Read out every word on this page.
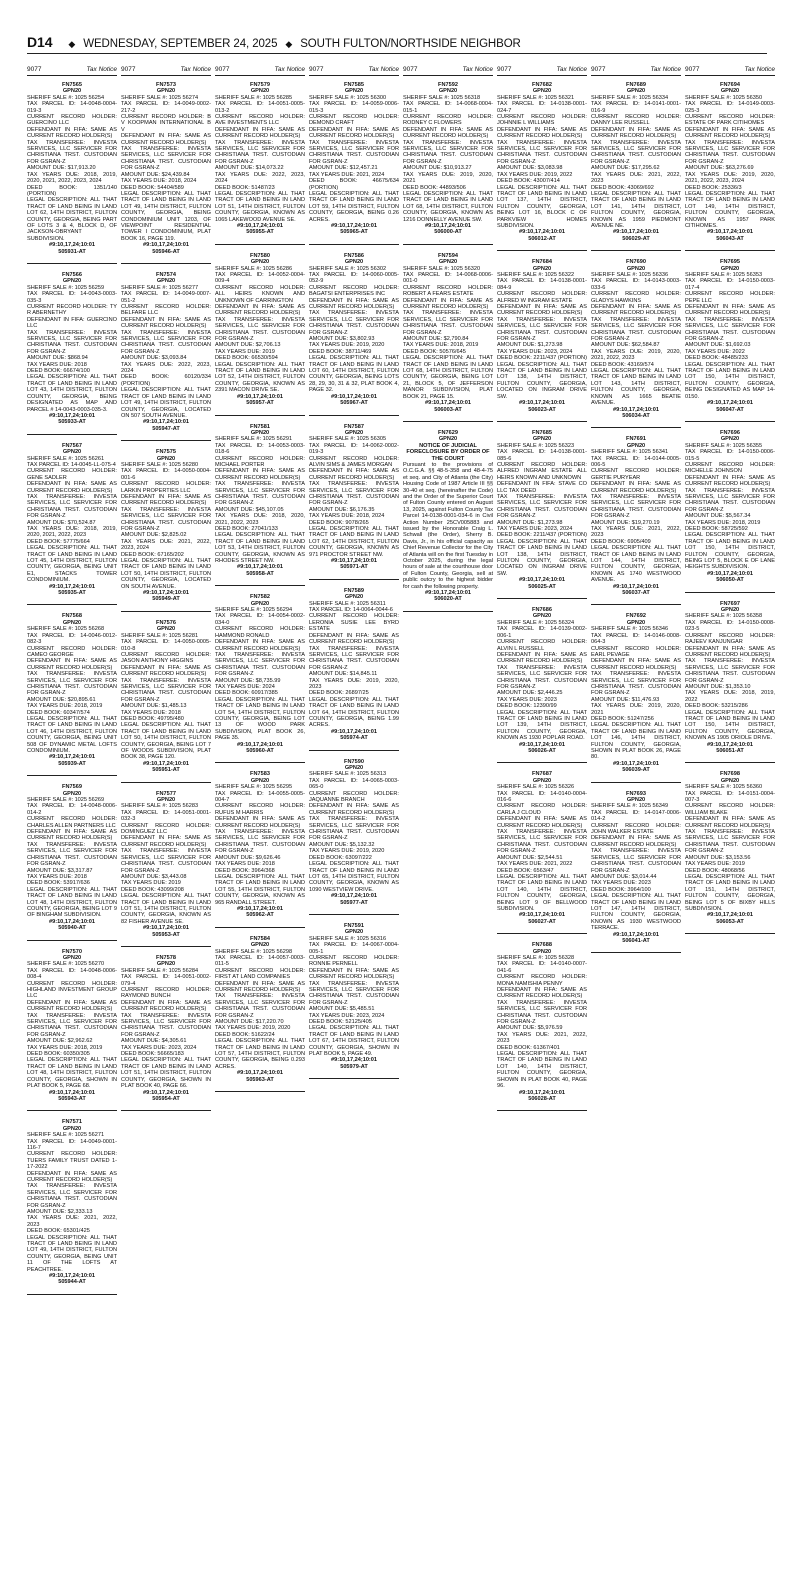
D14 ◆ WEDNESDAY, SEPTEMBER 24, 2025 ◆ SOUTH FULTON/NORTHSIDE NEIGHBOR
9077	Tax Notice

FN7565

GPN20

SHERIFF SALE #: 1025 56254

TAX PARCEL ID: 14-0048-0004-019-3

CURRENT RECORD HOLDER: GUERCINO LLC

DEFENDANT IN FIFA: SAME AS CURRENT RECORD HOLDER(S)

TAX TRANSFEREE: INVESTA SERVICES, LLC SERVICER FOR CHRISTIANA TRST. CUSTODIAN FOR GSRAN-Z

AMOUNT DUE: $17,913.20

TAX YEARS DUE: 2018, 2019, 2020, 2021, 2022, 2023, 2024

DEED BOOK: 1351/140 (PORTION)

LEGAL DESCRIPTION: ALL THAT TRACT OF LAND BEING IN LAND LOT 62, 14TH DISTRICT, FULTON COUNTY, GEORGIA, BEING PART OF LOTS 3 & 4, BLOCK D, OF JACKSON-OBRYANT SUBDIVISION.

#9:10,17,24;10:01

505931-AT

FN7566

GPN20

SHERIFF SALE #: 1025 56259

TAX PARCEL ID: 14-0043-0003-035-3

CURRENT RECORD HOLDER: TY R ABERNETHY

DEFENDANT IN FIFA: GUERCINO LLC

TAX TRANSFEREE: INVESTA SERVICES, LLC SERVICER FOR CHRISTIANA TRST. CUSTODIAN FOR GSRAN-Z

AMOUNT DUE: $868.94

TAX YEARS DUE: 2018

DEED BOOK: 66674/100

LEGAL DESCRIPTION: ALL THAT TRACT OF LAND BEING IN LAND LOT 43, 14TH DISTRICT, FULTON COUNTY, GEORGIA, BEING DESIGNATED AS MAP AND PARCEL # 14-0043-0003-035-3.

#9:10,17,24;10:01

505933-AT

FN7567

GPN20

SHERIFF SALE #: 1025 56261

TAX PARCEL ID: 14-0045-LL-075-4

CURRENT RECORD HOLDER: GENE SADLER

DEFENDANT IN FIFA: SAME AS CURRENT RECORD HOLDER(S)

TAX TRANSFEREE: INVESTA SERVICES, LLC SERVICER FOR CHRISTIANA TRST. CUSTODIAN FOR GSRAN-Z

AMOUNT DUE: $70,524.87

TAX YEARS DUE: 2018, 2019, 2020, 2021, 2022, 2023

DEED BOOK: 57775/664

LEGAL DESCRIPTION: ALL THAT TRACT OF LAND BEING IN LAND LOT 45, 14TH DISTRICT, FULTON COUNTY, GEORGIA, BEING UNIT E1, STACKS TOWER CONDOMINIUM.

#9:10,17,24;10:01

505935-AT

FN7568

GPN20

SHERIFF SALE #: 1025 56268

TAX PARCEL ID: 14-0046-0012-082-3

CURRENT RECORD HOLDER: CAMEO GEORGE

DEFENDANT IN FIFA: SAME AS CURRENT RECORD HOLDER(S)

TAX TRANSFEREE: INVESTA SERVICES, LLC SERVICER FOR CHRISTIANA TRST. CUSTODIAN FOR GSRAN-Z

AMOUNT DUE: $20,895.61

TAX YEARS DUE: 2018, 2019

DEED BOOK: 60347/574

LEGAL DESCRIPTION: ALL THAT TRACT OF LAND BEING IN LAND LOT 46, 14TH DISTRICT, FULTON COUNTY, GEORGIA, BEING UNIT 508 OF DYNAMIC METAL LOFTS CONDOMINIUM.

#9:10,17,24;10:01

505939-AT

FN7569

GPN20

SHERIFF SALE #: 1025 56269

TAX PARCEL ID: 14-0048-0006-014-2

CURRENT RECORD HOLDER: CHARLES ALLEN PARTNERS LLC

DEFENDANT IN FIFA: SAME AS CURRENT RECORD HOLDER(S)

TAX TRANSFEREE: INVESTA SERVICES, LLC SERVICER FOR CHRISTIANA TRST. CUSTODIAN FOR GSRAN-Z

AMOUNT DUE: $3,317.87

TAX YEARS DUE: 2018

DEED BOOK: 53917/636

LEGAL DESCRIPTION: ALL THAT TRACT OF LAND BEING IN LAND LOT 48, 14TH DISTRICT, FULTON COUNTY, GEORGIA, BEING LOT 9 OF BINGHAM SUBDIVISION.

#9:10,17,24;10:01

505940-AT

FN7570

GPN20

SHERIFF SALE #: 1025 56270

TAX PARCEL ID: 14-0048-0006-008-4

CURRENT RECORD HOLDER: HIGHLAND INVESTMENT GROUP LLC

DEFENDANT IN FIFA: SAME AS CURRENT RECORD HOLDER(S)

TAX TRANSFEREE: INVESTA SERVICES, LLC SERVICER FOR CHRISTIANA TRST. CUSTODIAN FOR GSRAN-Z

AMOUNT DUE: $2,962.62

TAX YEARS DUE: 2018, 2019

DEED BOOK: 60350/305

LEGAL DESCRIPTION: ALL THAT TRACT OF LAND BEING IN LAND LOT 48, 14TH DISTRICT, FULTON COUNTY, GEORGIA, SHOWN IN PLAT BOOK 5, PAGE 68.

#9:10,17,24;10:01

505943-AT

FN7571

GPN20

SHERIFF SALE #: 1025 56271

TAX PARCEL ID: 14-0049-0001-116-7

CURRENT RECORD HOLDER: TUERS FAMILY TRUST DATED 1-17-2022

DEFENDANT IN FIFA: SAME AS CURRENT RECORD HOLDER(S)

TAX TRANSFEREE: INVESTA SERVICES, LLC SERVICER FOR CHRISTIANA TRST. CUSTODIAN FOR GSRAN-Z

AMOUNT DUE: $2,333.13

TAX YEARS DUE: 2021, 2022, 2023

DEED BOOK: 65301/425

LEGAL DESCRIPTION: ALL THAT TRACT OF LAND BEING IN LAND LOT 49, 14TH DISTRICT, FULTON COUNTY, GEORGIA, BEING UNIT 11 OF THE LOFTS AT PEACHTREE.

#9:10,17,24;10:01

505944-AT

9077	Tax Notice

FN7573

GPN20

SHERIFF SALE #: 1025 56274

TAX PARCEL ID: 14-0049-0002-217-2

CURRENT RECORD HOLDER: B V KOOPMAN INTERNATIONAL B V

DEFENDANT IN FIFA: SAME AS CURRENT RECORD HOLDER(S)

TAX TRANSFEREE: INVESTA SERVICES, LLC SERVICER FOR CHRISTIANA TRST. CUSTODIAN FOR GSRAN-Z

AMOUNT DUE: $24,439.84

TAX YEARS DUE: 2018, 2024

DEED BOOK: 54404/589

LEGAL DESCRIPTION: ALL THAT TRACT OF LAND BEING IN LAND LOT 49, 14TH DISTRICT, FULTON COUNTY, GEORGIA, BEING CONDOMINIUM UNIT 1203, OF VIEWPOINT RESIDENTIAL TOWER I CONDOMINIUM, PLAT BOOK 16, PAGE 119.

#9:10,17,24;10:01

505946-AT

FN7574

GPN20

SHERIFF SALE #: 1025 56277

TAX PARCEL ID: 14-0049-0007-051-2

CURRENT RECORD HOLDER: BELFARE LLC

DEFENDANT IN FIFA: SAME AS CURRENT RECORD HOLDER(S)

TAX TRANSFEREE: INVESTA SERVICES, LLC SERVICER FOR CHRISTIANA TRST. CUSTODIAN FOR GSRAN-Z

AMOUNT DUE: $3,093.84

TAX YEARS DUE: 2022, 2023, 2024

DEED BOOK: 60120/334 (PORTION)

LEGAL DESCRIPTION: ALL THAT TRACT OF LAND BEING IN LAND LOT 49, 14TH DISTRICT, FULTON COUNTY, GEORGIA, LOCATED ON 507 SOUTH AVENUE.

#9:10,17,24;10:01

505947-AT

FN7575

GPN20

SHERIFF SALE #: 1025 56280

TAX PARCEL ID: 14-0050-0004-001-6

CURRENT RECORD HOLDER: LARKIN PROPERTIES LLC

DEFENDANT IN FIFA: SAME AS CURRENT RECORD HOLDER(S)

TAX TRANSFEREE: INVESTA SERVICES, LLC SERVICER FOR CHRISTIANA TRST. CUSTODIAN FOR GSRAN-Z

AMOUNT DUE: $2,825.02

TAX YEARS DUE: 2021, 2022, 2023, 2024

DEED BOOK: 67165/202

LEGAL DESCRIPTION: ALL THAT TRACT OF LAND BEING IN LAND LOT 50, 14TH DISTRICT, FULTON COUNTY, GEORGIA, LOCATED ON SOUTH AVENUE.

#9:10,17,24;10:01

505949-AT

FN7576

GPN20

SHERIFF SALE #: 1025 56281

TAX PARCEL ID: 14-0050-0005-010-8

CURRENT RECORD HOLDER: JASON ANTHONY HIGGINS

DEFENDANT IN FIFA: SAME AS CURRENT RECORD HOLDER(S)

TAX TRANSFEREE: INVESTA SERVICES, LLC SERVICER FOR CHRISTIANA TRST. CUSTODIAN FOR GSRAN-Z

AMOUNT DUE: $1,485.13

TAX YEARS DUE: 2018

DEED BOOK: 49795/480

LEGAL DESCRIPTION: ALL THAT TRACT OF LAND BEING IN LAND LOT 50, 14TH DISTRICT, FULTON COUNTY, GEORGIA, BEING LOT 7 OF WOODS SUBDIVISION, PLAT BOOK 38, PAGE 120.

#9:10,17,24;10:01

505951-AT

FN7577

GPN20

SHERIFF SALE #: 1025 56283

TAX PARCEL ID: 14-0051-0001-032-3

CURRENT RECORD HOLDER: DOMINGUEZ LLC

DEFENDANT IN FIFA: SAME AS CURRENT RECORD HOLDER(S)

TAX TRANSFEREE: INVESTA SERVICES, LLC SERVICER FOR CHRISTIANA TRST. CUSTODIAN FOR GSRAN-Z

AMOUNT DUE: $3,443.08

TAX YEARS DUE: 2019

DEED BOOK: 43099/208

LEGAL DESCRIPTION: ALL THAT TRACT OF LAND BEING IN LAND LOT 51, 14TH DISTRICT, FULTON COUNTY, GEORGIA, KNOWN AS 82 FISHER AVENUE SE.

#9:10,17,24;10:01

505953-AT

FN7578

GPN20

SHERIFF SALE #: 1025 56284

TAX PARCEL ID: 14-0051-0002-079-4

CURRENT RECORD HOLDER: RAYMOND BUNCH

DEFENDANT IN FIFA: SAME AS CURRENT RECORD HOLDER(S)

TAX TRANSFEREE: INVESTA SERVICES, LLC SERVICER FOR CHRISTIANA TRST. CUSTODIAN FOR GSRAN-Z

AMOUNT DUE: $4,305.61

TAX YEARS DUE: 2023, 2024

DEED BOOK: 56665/183

LEGAL DESCRIPTION: ALL THAT TRACT OF LAND BEING IN LAND LOT 51, 14TH DISTRICT, FULTON COUNTY, GEORGIA, SHOWN IN PLAT BOOK 40, PAGE 66.

#9:10,17,24;10:01

505954-AT

9077	Tax Notice

FN7579

GPN20

SHERIFF SALE #: 1025 56285

TAX PARCEL ID: 14-0051-0005-013-2

CURRENT RECORD HOLDER: AVE INVESTMENTS LLC

DEFENDANT IN FIFA: SAME AS CURRENT RECORD HOLDER(S)

TAX TRANSFEREE: INVESTA SERVICES, LLC SERVICER FOR CHRISTIANA TRST. CUSTODIAN FOR GSRAN-Z

AMOUNT DUE: $14,073.22

TAX YEARS DUE: 2022, 2023, 2024

DEED BOOK: 51487/23

LEGAL DESCRIPTION: ALL THAT TRACT OF LAND BEING IN LAND LOT 51, 14TH DISTRICT, FULTON COUNTY, GEORGIA, KNOWN AS 1065 LAKEWOOD AVENUE SE.

#9:10,17,24;10:01

505955-AT

FN7580

GPN20

SHERIFF SALE #: 1025 56286

TAX PARCEL ID: 14-0052-0004-009-4

CURRENT RECORD HOLDER: ALL HEIRS KNOWN AND UNKNOWN OF CARRINGTON

DEFENDANT IN FIFA: SAME AS CURRENT RECORD HOLDER(S)

TAX TRANSFEREE: INVESTA SERVICES, LLC SERVICER FOR CHRISTIANA TRST. CUSTODIAN FOR GSRAN-Z

AMOUNT DUE: $2,706.13

TAX YEARS DUE: 2019

DEED BOOK: 66530/594

LEGAL DESCRIPTION: ALL THAT TRACT OF LAND BEING IN LAND LOT 52, 14TH DISTRICT, FULTON COUNTY, GEORGIA, KNOWN AS 2391 MACON DRIVE SE.

#9:10,17,24;10:01

505957-AT

FN7581

GPN20

SHERIFF SALE #: 1025 56291

TAX PARCEL ID: 14-0053-0003-018-6

CURRENT RECORD HOLDER: MICHAEL PORTER

DEFENDANT IN FIFA: SAME AS CURRENT RECORD HOLDER(S)

TAX TRANSFEREE: INVESTA SERVICES, LLC SERVICER FOR CHRISTIANA TRST. CUSTODIAN FOR GSRAN-Z

AMOUNT DUE: $45,107.05

TAX YEARS DUE: 2018, 2020, 2021, 2022, 2023

DEED BOOK: 27041/133

LEGAL DESCRIPTION: ALL THAT TRACT OF LAND BEING IN LAND LOT 53, 14TH DISTRICT, FULTON COUNTY, GEORGIA, KNOWN AS RHODES STREET NW.

#9:10,17,24;10:01

505958-AT

FN7582

GPN20

SHERIFF SALE #: 1025 56294

TAX PARCEL ID: 14-0054-0002-034-0

CURRENT RECORD HOLDER: HAMMOND RONALD

DEFENDANT IN FIFA: SAME AS CURRENT RECORD HOLDER(S)

TAX TRANSFEREE: INVESTA SERVICES, LLC SERVICER FOR CHRISTIANA TRST. CUSTODIAN FOR GSRAN-Z

AMOUNT DUE: $8,735.99

TAX YEARS DUE: 2024

DEED BOOK: 60917/385

LEGAL DESCRIPTION: ALL THAT TRACT OF LAND BEING IN LAND LOT 54, 14TH DISTRICT, FULTON COUNTY, GEORGIA, BEING LOT 13 OF WOOD PARK SUBDIVISION, PLAT BOOK 26, PAGE 35.

#9:10,17,24;10:01

505960-AT

FN7583

GPN20

SHERIFF SALE #: 1025 56295

TAX PARCEL ID: 14-0055-0005-004-7

CURRENT RECORD HOLDER: RUFUS M HARRIS

DEFENDANT IN FIFA: SAME AS CURRENT RECORD HOLDER(S)

TAX TRANSFEREE: INVESTA SERVICES, LLC SERVICER FOR CHRISTIANA TRST. CUSTODIAN FOR GSRAN-Z

AMOUNT DUE: $9,626.46

TAX YEARS DUE: 2018

DEED BOOK: 3964/368

LEGAL DESCRIPTION: ALL THAT TRACT OF LAND BEING IN LAND LOT 55, 14TH DISTRICT, FULTON COUNTY, GEORGIA, KNOWN AS 965 RANDALL STREET.

#9:10,17,24;10:01

505962-AT

FN7584

GPN20

SHERIFF SALE #: 1025 56298

TAX PARCEL ID: 14-0057-0003-011-5

CURRENT RECORD HOLDER: FIRST AT LAND COMPANIES

DEFENDANT IN FIFA: SAME AS CURRENT RECORD HOLDER(S)

TAX TRANSFEREE: INVESTA SERVICES, LLC SERVICER FOR CHRISTIANA TRST. CUSTODIAN FOR GSRAN-Z

AMOUNT DUE: $17,220.70

TAX YEARS DUE: 2019, 2020

DEED BOOK: 51622/24

LEGAL DESCRIPTION: ALL THAT TRACT OF LAND BEING IN LAND LOT 57, 14TH DISTRICT, FULTON COUNTY, GEORGIA, BEING 0.293 ACRES.

#9:10,17,24;10:01

505963-AT

9077	Tax Notice

FN7585

GPN20

SHERIFF SALE #: 1025 56300

TAX PARCEL ID: 14-0059-0006-015-3

CURRENT RECORD HOLDER: DEMOND CRAFT

DEFENDANT IN FIFA: SAME AS CURRENT RECORD HOLDER(S)

TAX TRANSFEREE: INVESTA SERVICES, LLC SERVICER FOR CHRISTIANA TRST. CUSTODIAN FOR GSRAN-Z

AMOUNT DUE: $12,457.21

TAX YEARS DUE: 2021, 2024

DEED BOOK: 46675/634 (PORTION)

LEGAL DESCRIPTION: ALL THAT TRACT OF LAND BEING IN LAND LOT 59, 14TH DISTRICT, FULTON COUNTY, GEORGIA, BEING 0.26 ACRES.

#9:10,17,24;10:01

505965-AT

FN7586

GPN20

SHERIFF SALE #: 1025 56302

TAX PARCEL ID: 14-0060-0005-052-9

CURRENT RECORD HOLDER: BAGATSI ENTERPRISES INC

DEFENDANT IN FIFA: SAME AS CURRENT RECORD HOLDER(S)

TAX TRANSFEREE: INVESTA SERVICES, LLC SERVICER FOR CHRISTIANA TRST. CUSTODIAN FOR GSRAN-Z

AMOUNT DUE: $3,802.93

TAX YEARS DUE: 2019, 2020

DEED BOOK: 38711/469

LEGAL DESCRIPTION: ALL THAT TRACT OF LAND BEING IN LAND LOT 60, 14TH DISTRICT, FULTON COUNTY, GEORGIA, BEING LOTS 28, 29, 30, 31 & 32, PLAT BOOK 4, PAGE 32.

#9:10,17,24;10:01

505967-AT

FN7587

GPN20

SHERIFF SALE #: 1025 56305

TAX PARCEL ID: 14-0062-0002-019-3

CURRENT RECORD HOLDER: ALVIN SIMS & JAMES MORGAN

DEFENDANT IN FIFA: SAME AS CURRENT RECORD HOLDER(S)

TAX TRANSFEREE: INVESTA SERVICES, LLC SERVICER FOR CHRISTIANA TRST. CUSTODIAN FOR GSRAN-Z

AMOUNT DUE: $6,176.35

TAX YEARS DUE: 2018, 2024

DEED BOOK: 9078/265

LEGAL DESCRIPTION: ALL THAT TRACT OF LAND BEING IN LAND LOT 62, 14TH DISTRICT, FULTON COUNTY, GEORGIA, KNOWN AS 971 PROCTOR STREET NW.

#9:10,17,24;10:01

505971-AT

FN7589

GPN20

SHERIFF SALE #: 1025 56311

TAX PARCEL ID: 14-0064-0044-6

CURRENT RECORD HOLDER: LERONIA SUSIE LEE BYRD ESTATE

DEFENDANT IN FIFA: SAME AS CURRENT RECORD HOLDER(S)

TAX TRANSFEREE: INVESTA SERVICES, LLC SERVICER FOR CHRISTIANA TRST. CUSTODIAN FOR GSRAN-Z

AMOUNT DUE: $14,845.11

TAX YEARS DUE: 2019, 2020, 2023

DEED BOOK: 26897/25

LEGAL DESCRIPTION: ALL THAT TRACT OF LAND BEING IN LAND LOT 64, 14TH DISTRICT, FULTON COUNTY, GEORGIA, BEING 1.99 ACRES.

#9:10,17,24;10:01

505974-AT

FN7590

GPN20

SHERIFF SALE #: 1025 56313

TAX PARCEL ID: 14-0065-0003-065-0

CURRENT RECORD HOLDER: JAQUANNE BRANCH

DEFENDANT IN FIFA: SAME AS CURRENT RECORD HOLDER(S)

TAX TRANSFEREE: INVESTA SERVICES, LLC SERVICER FOR CHRISTIANA TRST. CUSTODIAN FOR GSRAN-Z

AMOUNT DUE: $5,132.32

TAX YEARS DUE: 2019, 2020

DEED BOOK: 63097/222

LEGAL DESCRIPTION: ALL THAT TRACT OF LAND BEING IN LAND LOT 65, 14TH DISTRICT, FULTON COUNTY, GEORGIA, KNOWN AS 1090 WESTVIEW DRIVE.

#9:10,17,24;10:01

505977-AT

FN7591

GPN20

SHERIFF SALE #: 1025 56316

TAX PARCEL ID: 14-0067-0004-005-1

CURRENT RECORD HOLDER: RONNIE PERNELL

DEFENDANT IN FIFA: SAME AS CURRENT RECORD HOLDER(S)

TAX TRANSFEREE: INVESTA SERVICES, LLC SERVICER FOR CHRISTIANA TRST. CUSTODIAN FOR GSRAN-Z

AMOUNT DUE: $5,485.51

TAX YEARS DUE: 2023, 2024

DEED BOOK: 52125/405

LEGAL DESCRIPTION: ALL THAT TRACT OF LAND BEING IN LAND LOT 67, 14TH DISTRICT, FULTON COUNTY, GEORGIA, SHOWN IN PLAT BOOK 5, PAGE 49.

#9:10,17,24;10:01

505979-AT

9077	Tax Notice

FN7592

GPN20

SHERIFF SALE #: 1025 56318

TAX PARCEL ID: 14-0068-0004-015-1

CURRENT RECORD HOLDER: RODNEY C FLOWERS

DEFENDANT IN FIFA: SAME AS CURRENT RECORD HOLDER(S)

TAX TRANSFEREE: INVESTA SERVICES, LLC SERVICER FOR CHRISTIANA TRST. CUSTODIAN FOR GSRAN-Z

AMOUNT DUE: $10,913.27

TAX YEARS DUE: 2019, 2020, 2021

DEED BOOK: 44893/506

LEGAL DESCRIPTION: ALL THAT TRACT OF LAND BEING IN LAND LOT 68, 14TH DISTRICT, FULTON COUNTY, GEORGIA, KNOWN AS 1216 DONNELLY AVENUE SW.

#9:10,17,24;10:01

506000-AT

FN7594

GPN20

SHERIFF SALE #: 1025 56320

TAX PARCEL ID: 14-0068-0006-001-0

CURRENT RECORD HOLDER: ROBERT A FEARS ESTATE

DEFENDANT IN FIFA: SAME AS CURRENT RECORD HOLDER(S)

TAX TRANSFEREE: INVESTA SERVICES, LLC SERVICER FOR CHRISTIANA TRST. CUSTODIAN FOR GSRAN-Z

AMOUNT DUE: $2,790.84

TAX YEARS DUE: 2018, 2019

DEED BOOK: 50576/645

LEGAL DESCRIPTION: ALL THAT TRACT OF LAND BEING IN LAND LOT 68, 14TH DISTRICT, FULTON COUNTY, GEORGIA, BEING LOT 21, BLOCK 5, OF JEFFERSON MANOR SUBDIVISION, PLAT BOOK 21, PAGE 15.

#9:10,17,24;10:01

506003-AT

FN7629

GPN20

NOTICE OF JUDICIAL FORECLOSURE BY ORDER OF THE COURT

Pursuant to the provisions of O.C.G.A. §§ 48-5-358 and 48-4-75 et seq. and City of Atlanta (the City) Housing Code of 1987 Article III §§ 30-40 et seq. (hereinafter the Code) and the Order of the Superior Court of Fulton County entered on August 13, 2025, against Fulton County Tax Parcel 14-0138-0001-034-6 in Civil Action Number 25CV005883 and issued by the Honorable Craig L. Schwall (the Order), Sherry B. Davis, Jr., in his official capacity as Chief Revenue Collector for the City of Atlanta will on the first Tuesday in October 2025, during the legal hours of sale at the courthouse door of Fulton County, Georgia, sell at public outcry to the highest bidder for cash the following property.

#9:10,17,24;10:01

506020-AT

9077	Tax Notice

FN7682

GPN20

SHERIFF SALE #: 1025 56321

TAX PARCEL ID: 14-0138-0001-024-7

CURRENT RECORD HOLDER: JOHNNIE L WILLIAMS

DEFENDANT IN FIFA: SAME AS CURRENT RECORD HOLDER(S)

TAX TRANSFEREE: INVESTA SERVICES, LLC SERVICER FOR CHRISTIANA TRST. CUSTODIAN FOR GSRAN-Z

AMOUNT DUE: $3,083.98

TAX YEARS DUE: 2019, 2022

DEED BOOK: 43007/414

LEGAL DESCRIPTION: ALL THAT TRACT OF LAND BEING IN LAND LOT 137, 14TH DISTRICT, FULTON COUNTY, GEORGIA, BEING LOT 16, BLOCK C OF PARKVIEW HOMES SUBDIVISION.

#9:10,17,24;10:01

506012-AT

FN7684

GPN20

SHERIFF SALE #: 1025 56322

TAX PARCEL ID: 14-0138-0001-084-9

CURRENT RECORD HOLDER: ALFRED W INGRAM ESTATE

DEFENDANT IN FIFA: SAME AS CURRENT RECORD HOLDER(S)

TAX TRANSFEREE: INVESTA SERVICES, LLC SERVICER FOR CHRISTIANA TRST. CUSTODIAN FOR GSRAN-Z

AMOUNT DUE: $1,273.98

TAX YEARS DUE: 2023, 2024

DEED BOOK: 2211/437 (PORTION)

LEGAL DESCRIPTION: ALL THAT TRACT OF LAND BEING IN LAND LOT 138, 14TH DISTRICT, FULTON COUNTY, GEORGIA, LOCATED ON INGRAM DRIVE SW.

#9:10,17,24;10:01

506023-AT

FN7685

GPN20

SHERIFF SALE #: 1025 56323

TAX PARCEL ID: 14-0138-0001-085-6

CURRENT RECORD HOLDER: ALFRED INGRAM ESTATE ALL HEIRS KNOWN AND UNKNOWN

DEFENDANT IN FIFA: STAVE CO LLC TAX DEED

TAX TRANSFEREE: INVESTA SERVICES, LLC SERVICER FOR CHRISTIANA TRST. CUSTODIAN FOR GSRAN-Z

AMOUNT DUE: $1,273.98

TAX YEARS DUE: 2023, 2024

DEED BOOK: 2211/437 (PORTION)

LEGAL DESCRIPTION: ALL THAT TRACT OF LAND BEING IN LAND LOT 138, 14TH DISTRICT, FULTON COUNTY, GEORGIA, LOCATED ON INGRAM DRIVE SW.

#9:10,17,24;10:01

506025-AT

FN7686

GPN20

SHERIFF SALE #: 1025 56324

TAX PARCEL ID: 14-0139-0002-006-1

CURRENT RECORD HOLDER: ALVIN L RUSSELL

DEFENDANT IN FIFA: SAME AS CURRENT RECORD HOLDER(S)

TAX TRANSFEREE: INVESTA SERVICES, LLC SERVICER FOR CHRISTIANA TRST. CUSTODIAN FOR GSRAN-Z

AMOUNT DUE: $2,446.25

TAX YEARS DUE: 2023

DEED BOOK: 12390/99

LEGAL DESCRIPTION: ALL THAT TRACT OF LAND BEING IN LAND LOT 139, 14TH DISTRICT, FULTON COUNTY, GEORGIA, KNOWN AS 1930 POPLAR ROAD.

#9:10,17,24;10:01

506026-AT

FN7687

GPN20

SHERIFF SALE #: 1025 56326

TAX PARCEL ID: 14-0140-0004-016-6

CURRENT RECORD HOLDER: CARLA J CLOUD

DEFENDANT IN FIFA: SAME AS CURRENT RECORD HOLDER(S)

TAX TRANSFEREE: INVESTA SERVICES, LLC SERVICER FOR CHRISTIANA TRST. CUSTODIAN FOR GSRAN-Z

AMOUNT DUE: $2,544.51

TAX YEARS DUE: 2021, 2022

DEED BOOK: 6563/47

LEGAL DESCRIPTION: ALL THAT TRACT OF LAND BEING IN LAND LOT 140, 14TH DISTRICT, FULTON COUNTY, GEORGIA, BEING LOT 9 OF BELLWOOD SUBDIVISION.

#9:10,17,24;10:01

506027-AT

FN7688

GPN20

SHERIFF SALE #: 1025 56328

TAX PARCEL ID: 14-0140-0007-041-6

CURRENT RECORD HOLDER: MONA NAMISHIA PENNY

DEFENDANT IN FIFA: SAME AS CURRENT RECORD HOLDER(S)

TAX TRANSFEREE: INVESTA SERVICES, LLC SERVICER FOR CHRISTIANA TRST. CUSTODIAN FOR GSRAN-Z

AMOUNT DUE: $5,976.59

TAX YEARS DUE: 2021, 2022, 2023

DEED BOOK: 61367/401

LEGAL DESCRIPTION: ALL THAT TRACT OF LAND BEING IN LAND LOT 140, 14TH DISTRICT, FULTON COUNTY, GEORGIA, SHOWN IN PLAT BOOK 40, PAGE 96.

#9:10,17,24;10:01

506028-AT

9077	Tax Notice

FN7689

GPN20

SHERIFF SALE #: 1025 56334

TAX PARCEL ID: 14-0141-0001-016-9

CURRENT RECORD HOLDER: DANNY LEE RUSSELL

DEFENDANT IN FIFA: SAME AS CURRENT RECORD HOLDER(S)

TAX TRANSFEREE: INVESTA SERVICES, LLC SERVICER FOR CHRISTIANA TRST. CUSTODIAN FOR GSRAN-Z

AMOUNT DUE: $17,295.62

TAX YEARS DUE: 2021, 2022, 2023

DEED BOOK: 43069/692

LEGAL DESCRIPTION: ALL THAT TRACT OF LAND BEING IN LAND LOT 141, 14TH DISTRICT, FULTON COUNTY, GEORGIA, KNOWN AS 1959 PIEDMONT AVENUE NE.

#9:10,17,24;10:01

506029-AT

FN7690

GPN20

SHERIFF SALE #: 1025 56336

TAX PARCEL ID: 14-0143-0003-033-6

CURRENT RECORD HOLDER: GLADYS HAWKINS

DEFENDANT IN FIFA: SAME AS CURRENT RECORD HOLDER(S)

TAX TRANSFEREE: INVESTA SERVICES, LLC SERVICER FOR CHRISTIANA TRST. CUSTODIAN FOR GSRAN-Z

AMOUNT DUE: $62,584.87

TAX YEARS DUE: 2019, 2020, 2021, 2022, 2023

DEED BOOK: 43169/574

LEGAL DESCRIPTION: ALL THAT TRACT OF LAND BEING IN LAND LOT 143, 14TH DISTRICT, FULTON COUNTY, GEORGIA, KNOWN AS 1665 BEATIE AVENUE.

#9:10,17,24;10:01

506034-AT

FN7691

GPN20

SHERIFF SALE #: 1025 56341

TAX PARCEL ID: 14-0144-0005-006-5

CURRENT RECORD HOLDER: GERTIE PURYEAR

DEFENDANT IN FIFA: SAME AS CURRENT RECORD HOLDER(S)

TAX TRANSFEREE: INVESTA SERVICES, LLC SERVICER FOR CHRISTIANA TRST. CUSTODIAN FOR GSRAN-Z

AMOUNT DUE: $19,270.19

TAX YEARS DUE: 2021, 2022, 2023

DEED BOOK: 6905/409

LEGAL DESCRIPTION: ALL THAT TRACT OF LAND BEING IN LAND LOT 144, 14TH DISTRICT, FULTON COUNTY, GEORGIA, KNOWN AS 1740 WESTWOOD AVENUE.

#9:10,17,24;10:01

506037-AT

FN7692

GPN20

SHERIFF SALE #: 1025 56346

TAX PARCEL ID: 14-0146-0008-064-3

CURRENT RECORD HOLDER: EARL PEVAGE

DEFENDANT IN FIFA: SAME AS CURRENT RECORD HOLDER(S)

TAX TRANSFEREE: INVESTA SERVICES, LLC SERVICER FOR CHRISTIANA TRST. CUSTODIAN FOR GSRAN-Z

AMOUNT DUE: $11,476.93

TAX YEARS DUE: 2019, 2020, 2021

DEED BOOK: 51247/256

LEGAL DESCRIPTION: ALL THAT TRACT OF LAND BEING IN LAND LOT 146, 14TH DISTRICT, FULTON COUNTY, GEORGIA, SHOWN IN PLAT BOOK 26, PAGE 80.

#9:10,17,24;10:01

506039-AT

FN7693

GPN20

SHERIFF SALE #: 1025 56349

TAX PARCEL ID: 14-0147-0006-014-2

CURRENT RECORD HOLDER: JOHN WALKER ESTATE

DEFENDANT IN FIFA: SAME AS CURRENT RECORD HOLDER(S)

TAX TRANSFEREE: INVESTA SERVICES, LLC SERVICER FOR CHRISTIANA TRST. CUSTODIAN FOR GSRAN-Z

AMOUNT DUE: $3,014.44

TAX YEARS DUE: 2023

DEED BOOK: 3964/100

LEGAL DESCRIPTION: ALL THAT TRACT OF LAND BEING IN LAND LOT 147, 14TH DISTRICT, FULTON COUNTY, GEORGIA, KNOWN AS 1930 WESTWOOD TERRACE.

#9:10,17,24;10:01

506041-AT

9077	Tax Notice

FN7694

GPN20

SHERIFF SALE #: 1025 56350

TAX PARCEL ID: 14-0149-0003-025-3

CURRENT RECORD HOLDER: ESTATE OF PARK CITIHOMES

DEFENDANT IN FIFA: SAME AS CURRENT RECORD HOLDER(S)

TAX TRANSFEREE: INVESTA SERVICES, LLC SERVICER FOR CHRISTIANA TRST. CUSTODIAN FOR GSRAN-Z

AMOUNT DUE: $63,276.69

TAX YEARS DUE: 2019, 2020, 2021, 2022, 2023, 2024

DEED BOOK: 25336/3

LEGAL DESCRIPTION: ALL THAT TRACT OF LAND BEING IN LAND LOT 149, 14TH DISTRICT, FULTON COUNTY, GEORGIA, KNOWN AS 1957 PARK CITIHOMES.

#9:10,17,24;10:01

506043-AT

FN7695

GPN20

SHERIFF SALE #: 1025 56353

TAX PARCEL ID: 14-0150-0003-017-4

CURRENT RECORD HOLDER: PEPE LLC

DEFENDANT IN FIFA: SAME AS CURRENT RECORD HOLDER(S)

TAX TRANSFEREE: INVESTA SERVICES, LLC SERVICER FOR CHRISTIANA TRST. CUSTODIAN FOR GSRAN-Z

AMOUNT DUE: $1,692.03

TAX YEARS DUE: 2022

DEED BOOK: 48485/233

LEGAL DESCRIPTION: ALL THAT TRACT OF LAND BEING IN LAND LOT 150, 14TH DISTRICT, FULTON COUNTY, GEORGIA, BEING DESIGNATED AS MAP 14-0150.

#9:10,17,24;10:01

506047-AT

FN7696

GPN20

SHERIFF SALE #: 1025 56355

TAX PARCEL ID: 14-0150-0006-015-5

CURRENT RECORD HOLDER: MICHELLE JOHNSON

DEFENDANT IN FIFA: SAME AS CURRENT RECORD HOLDER(S)

TAX TRANSFEREE: INVESTA SERVICES, LLC SERVICER FOR CHRISTIANA TRST. CUSTODIAN FOR GSRAN-Z

AMOUNT DUE: $5,567.34

TAX YEARS DUE: 2018, 2019

DEED BOOK: 58725/592

LEGAL DESCRIPTION: ALL THAT TRACT OF LAND BEING IN LAND LOT 150, 14TH DISTRICT, FULTON COUNTY, GEORGIA, BEING LOT 5, BLOCK E OF LANE HEIGHTS SUBDIVISION.

#9:10,17,24;10:01

506050-AT

FN7697

GPN20

SHERIFF SALE #: 1025 56358

TAX PARCEL ID: 14-0150-0008-023-5

CURRENT RECORD HOLDER: RAJEEV KANJUNGAR

DEFENDANT IN FIFA: SAME AS CURRENT RECORD HOLDER(S)

TAX TRANSFEREE: INVESTA SERVICES, LLC SERVICER FOR CHRISTIANA TRST. CUSTODIAN FOR GSRAN-Z

AMOUNT DUE: $1,353.10

TAX YEARS DUE: 2018, 2019, 2022

DEED BOOK: 53215/286

LEGAL DESCRIPTION: ALL THAT TRACT OF LAND BEING IN LAND LOT 150, 14TH DISTRICT, FULTON COUNTY, GEORGIA, KNOWN AS 1905 ORIOLE DRIVE.

#9:10,17,24;10:01

506051-AT

FN7698

GPN20

SHERIFF SALE #: 1025 56360

TAX PARCEL ID: 14-0151-0004-007-3

CURRENT RECORD HOLDER: WILLIAM BLAKE

DEFENDANT IN FIFA: SAME AS CURRENT RECORD HOLDER(S)

TAX TRANSFEREE: INVESTA SERVICES, LLC SERVICER FOR CHRISTIANA TRST. CUSTODIAN FOR GSRAN-Z

AMOUNT DUE: $3,153.56

TAX YEARS DUE: 2019

DEED BOOK: 48068/56

LEGAL DESCRIPTION: ALL THAT TRACT OF LAND BEING IN LAND LOT 151, 14TH DISTRICT, FULTON COUNTY, GEORGIA, BEING LOT 5 OF BIXBY HILLS SUBDIVISION.

#9:10,17,24;10:01

506053-AT
